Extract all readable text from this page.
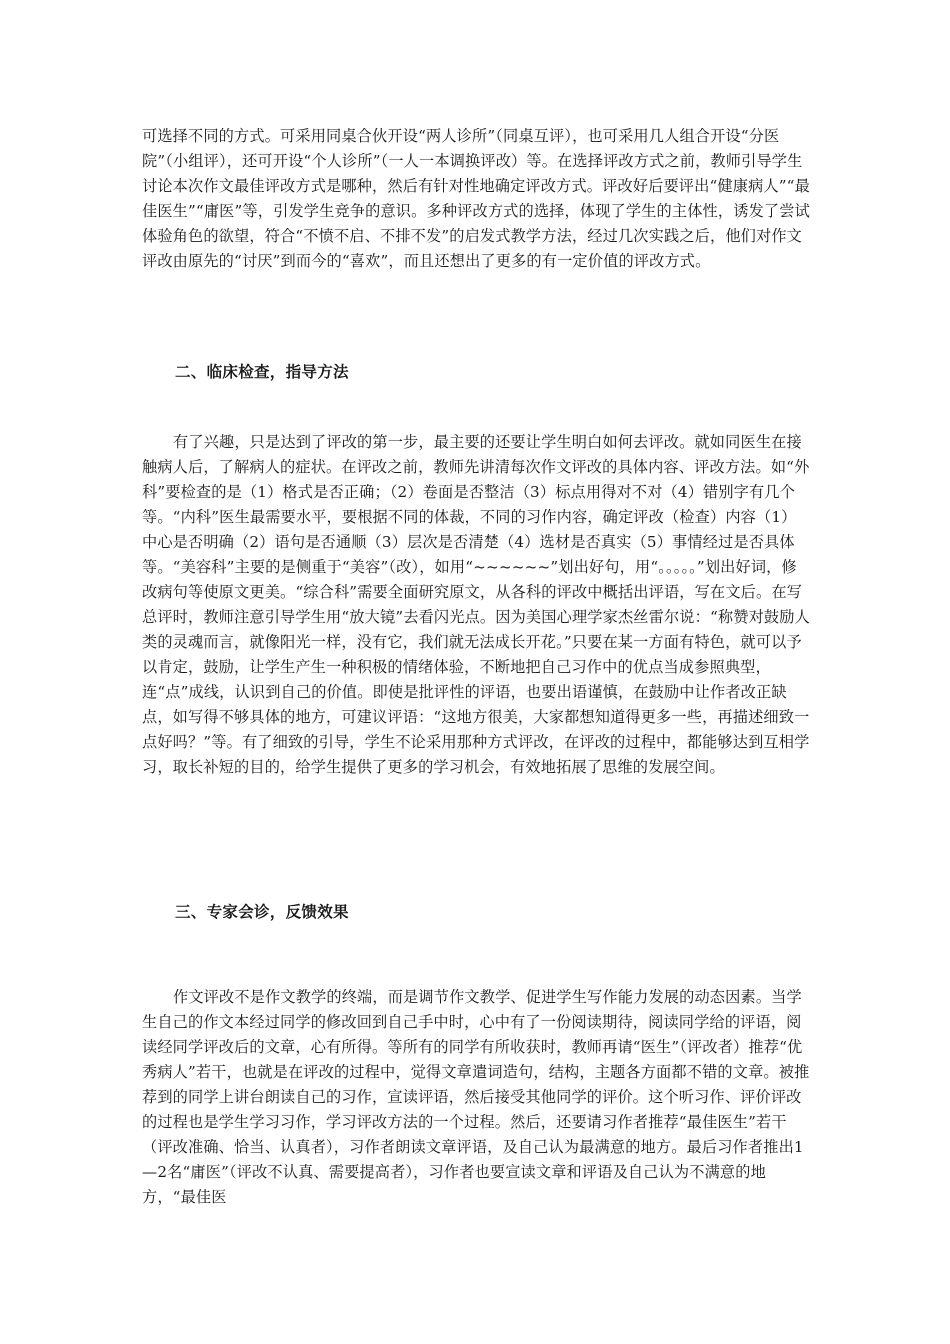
可选择不同的方式。可采用同桌合伙开设“两人诊所”（同桌互评），也可采用几人组合开设“分医院”（小组评），还可开设“个人诊所”（一人一本调换评改）等。在选择评改方式之前，教师引导学生讨论本次作文最佳评改方式是哪种，然后有针对性地确定评改方式。评改好后要评出“健康病人”“最佳医生”“庸医”等，引发学生竞争的意识。多种评改方式的选择，体现了学生的主体性，诱发了尝试体验角色的欲望，符合“不愤不启、不排不发”的启发式教学方法，经过几次实践之后，他们对作文评改由原先的“讨厌”到而今的“喜欢”，而且还想出了更多的有一定价值的评改方式。

二、临床检查，指导方法

有了兴趣，只是达到了评改的第一步，最主要的还要让学生明白如何去评改。就如同医生在接触病人后，了解病人的症状。在评改之前，教师先讲清每次作文评改的具体内容、评改方法。如“外科”要检查的是（1）格式是否正确；（2）卷面是否整洁（3）标点用得对不对（4）错别字有几个等。“内科”医生最需要水平，要根据不同的体裁，不同的习作内容，确定评改（检查）内容（1）中心是否明确（2）语句是否通顺（3）层次是否清楚（4）选材是否真实（5）事情经过是否具体等。“美容科”主要的是侧重于“美容”（改），如用“~~~~~~”划出好句，用“。。。。。”划出好词，修改病句等使原文更美。“综合科”需要全面研究原文，从各科的评改中概括出评语，写在文后。在写总评时，教师注意引导学生用“放大镜”去看闪光点。因为美国心理学家杰丝雷尔说：“称赞对鼓励人类的灵魂而言，就像阳光一样，没有它，我们就无法成长开花。”只要在某一方面有特色，就可以予以肯定，鼓励，让学生产生一种积极的情绪体验，不断地把自己习作中的优点当成参照典型，连“点”成线，认识到自己的价值。即使是批评性的评语，也要出语谨慎，在鼓励中让作者改正缺点，如写得不够具体的地方，可建议评语：“这地方很美，大家都想知道得更多一些，再描述细致一点好吗？”等。有了细致的引导，学生不论采用那种方式评改，在评改的过程中，都能够达到互相学习，取长补短的目的，给学生提供了更多的学习机会，有效地拓展了思维的发展空间。

三、专家会诊，反馈效果

作文评改不是作文教学的终端，而是调节作文教学、促进学生写作能力发展的动态因素。当学生自己的作文本经过同学的修改回到自己手中时，心中有了一份阅读期待，阅读同学给的评语，阅读经同学评改后的文章，心有所得。等所有的同学有所收获时，教师再请“医生”（评改者）推荐“优秀病人”若干，也就是在评改的过程中，觉得文章遣词造句，结构，主题各方面都不错的文章。被推荐到的同学上讲台朗读自己的习作，宣读评语，然后接受其他同学的评价。这个听习作、评价评改的过程也是学生学习习作，学习评改方法的一个过程。然后，还要请习作者推荐“最佳医生”若干（评改准确、恰当、认真者），习作者朗读文章评语，及自己认为最满意的地方。最后习作者推出1—2名“庸医”（评改不认真、需要提高者），习作者也要宣读文章和评语及自己认为不满意的地方，“最佳医
